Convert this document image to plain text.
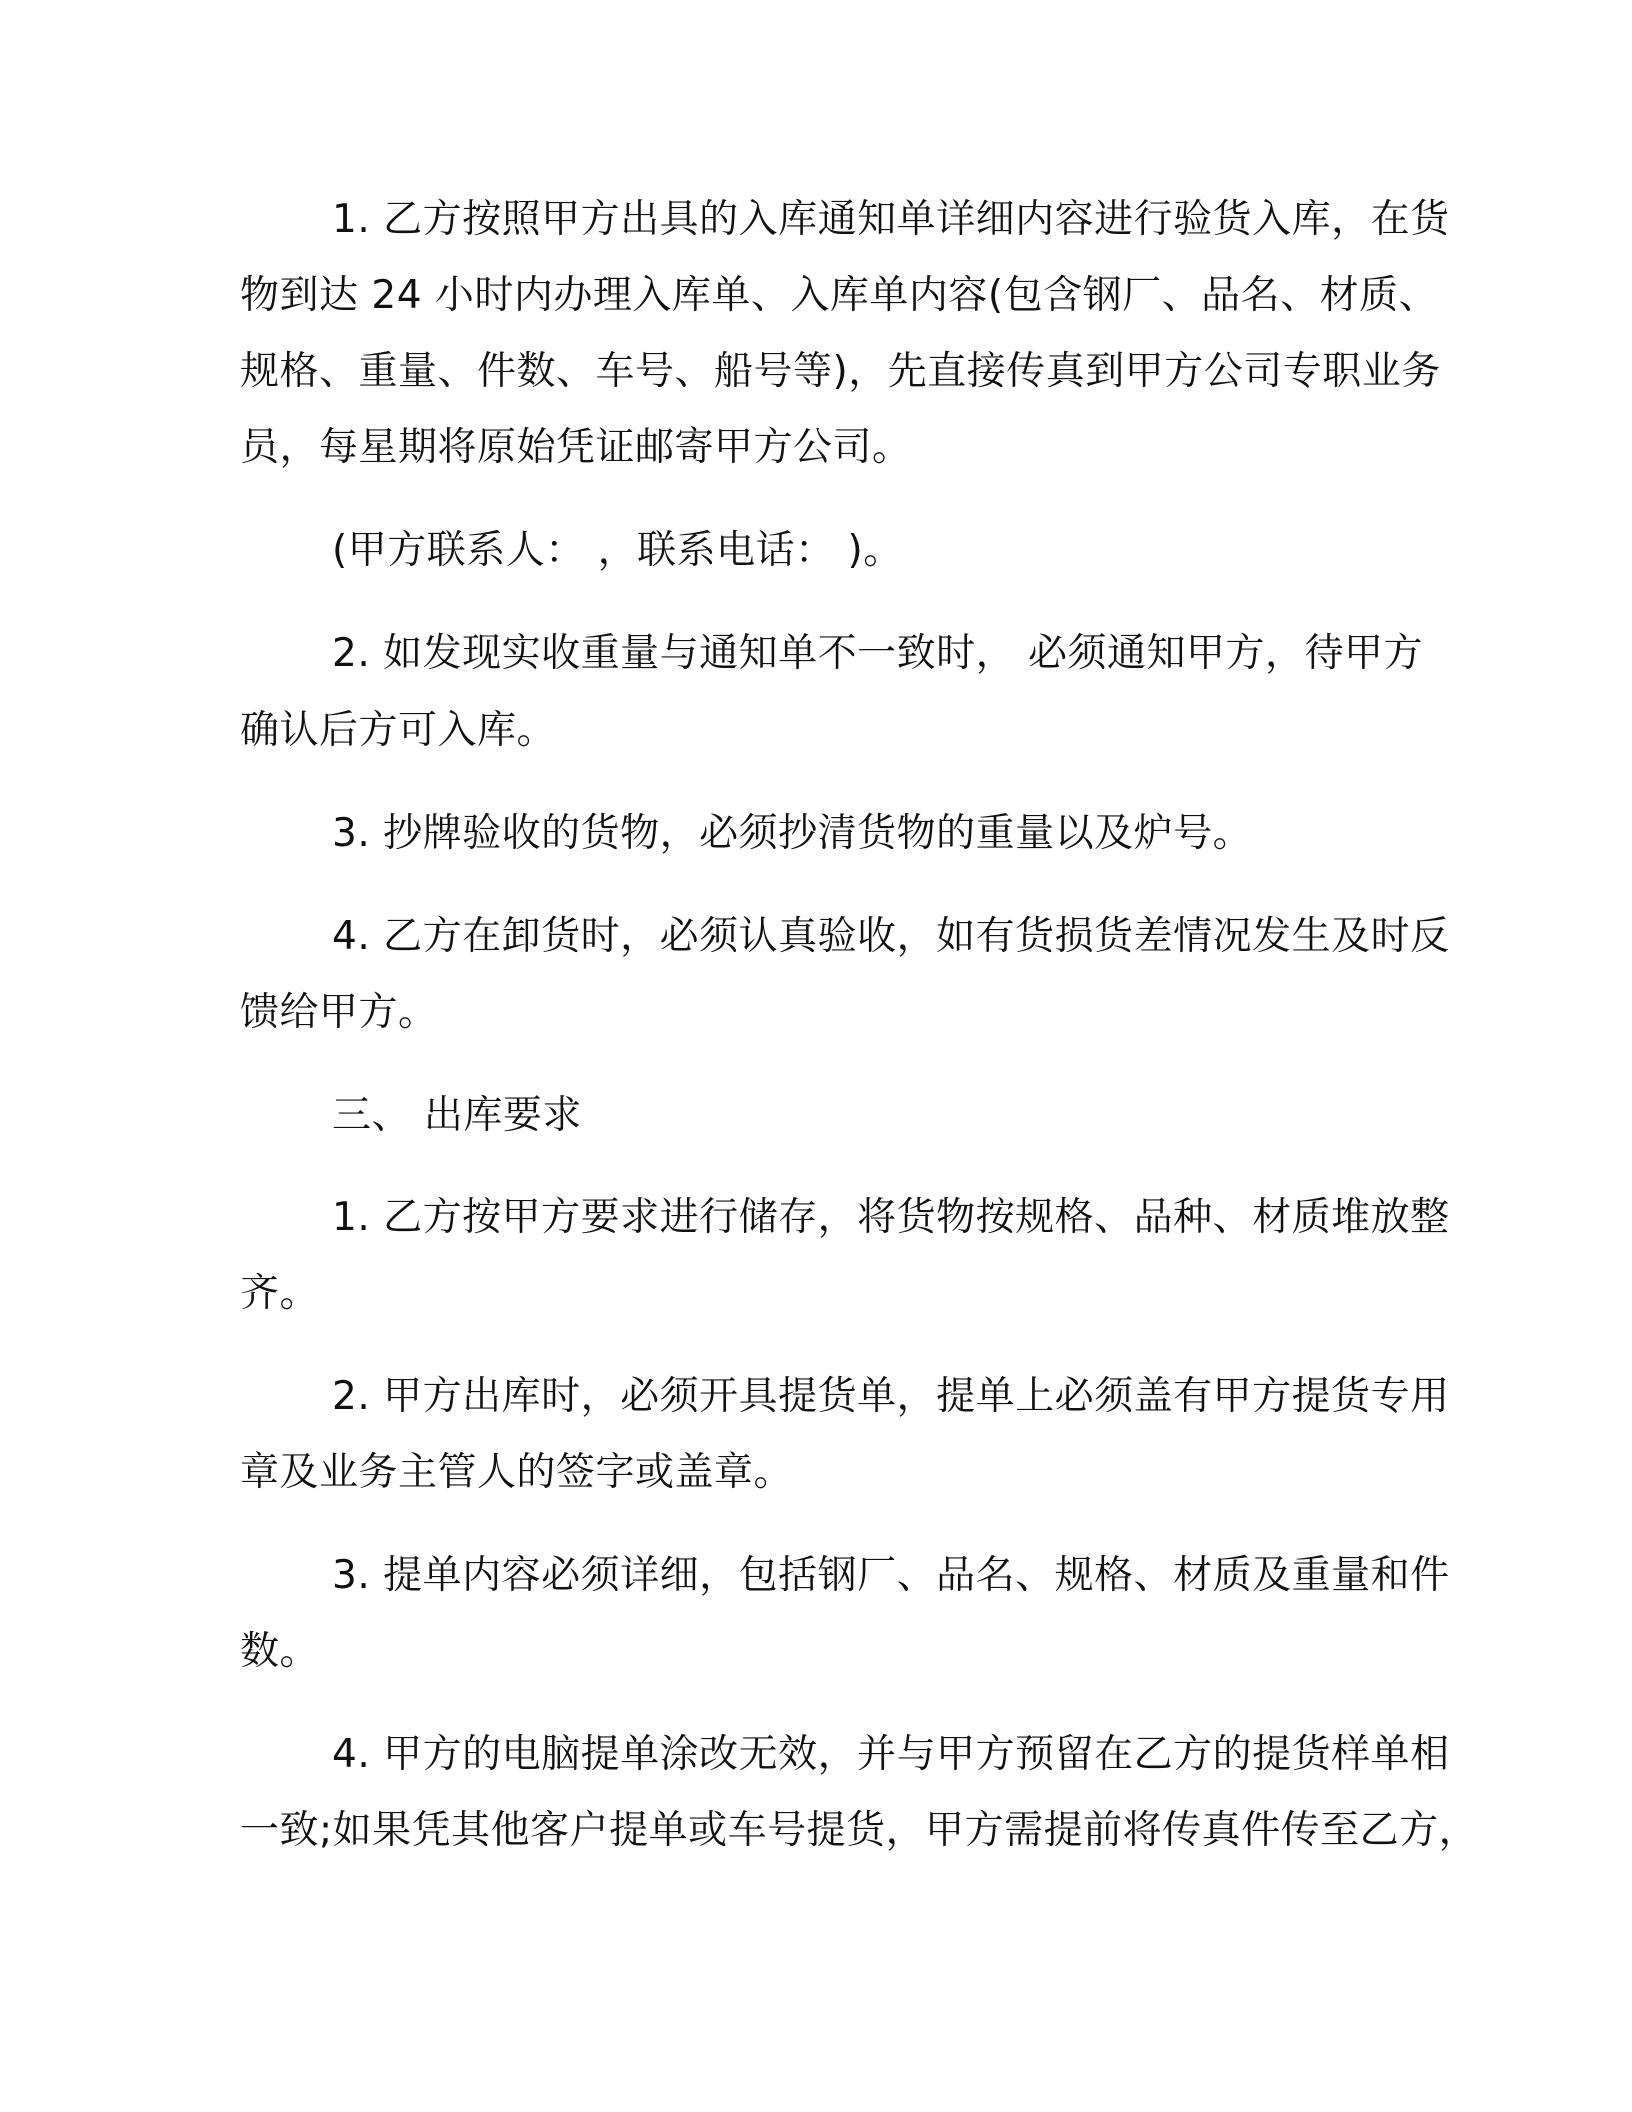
1. 乙方按照甲方出具的入库通知单详细内容进行验货入库，在货

物到达 24 小时内办理入库单、入库单内容(包含钢厂、品名、材质、

规格、重量、件数、车号、船号等)，先直接传真到甲方公司专职业务

员，每星期将原始凭证邮寄甲方公司。

(甲方联系人： ，联系电话： )。

2. 如发现实收重量与通知单不一致时， 必须通知甲方，待甲方

确认后方可入库。

3. 抄牌验收的货物，必须抄清货物的重量以及炉号。

4. 乙方在卸货时，必须认真验收，如有货损货差情况发生及时反

馈给甲方。

三、 出库要求

1. 乙方按甲方要求进行储存，将货物按规格、品种、材质堆放整

齐。

2. 甲方出库时，必须开具提货单，提单上必须盖有甲方提货专用

章及业务主管人的签字或盖章。

3. 提单内容必须详细，包括钢厂、品名、规格、材质及重量和件

数。

4. 甲方的电脑提单涂改无效，并与甲方预留在乙方的提货样单相

一致;如果凭其他客户提单或车号提货，甲方需提前将传真件传至乙方，
